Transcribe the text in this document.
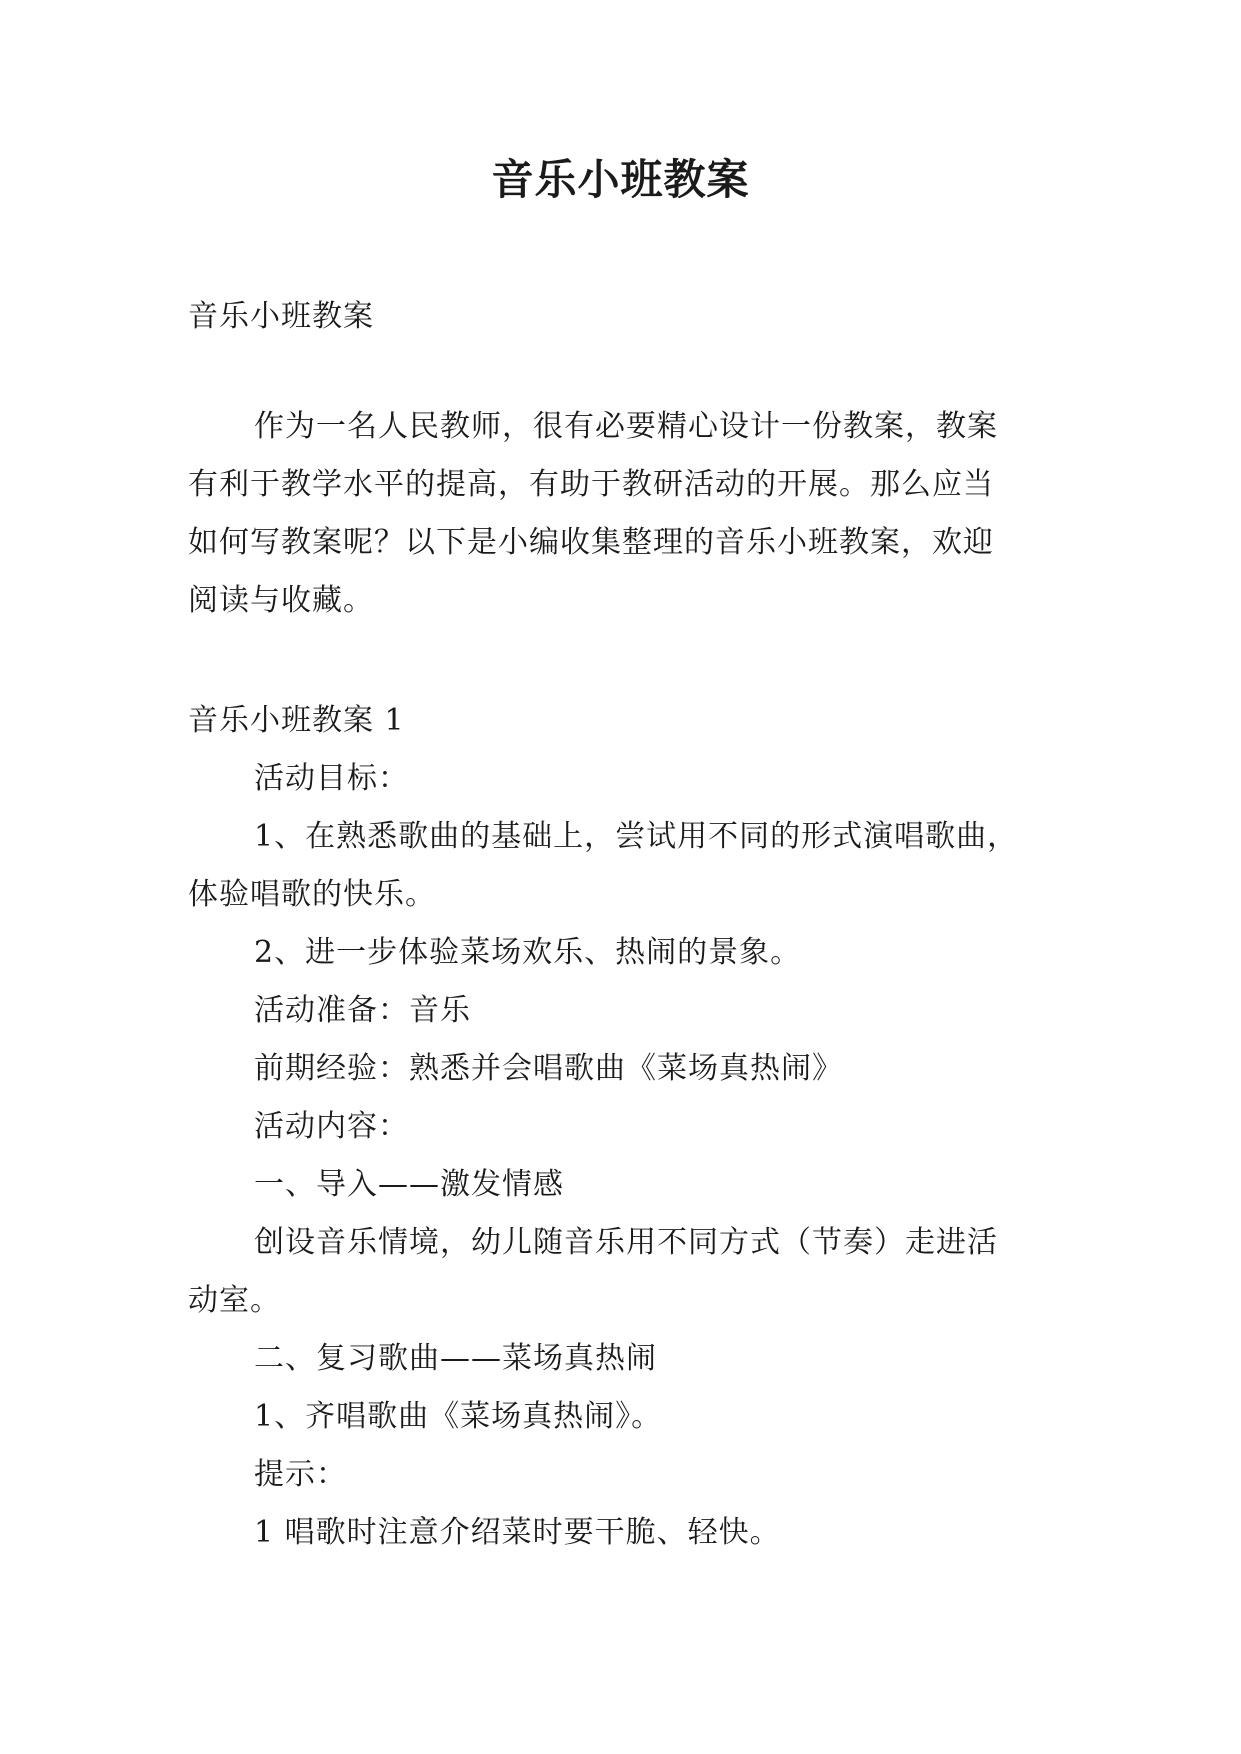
音乐小班教案

音乐小班教案

作为一名人民教师，很有必要精心设计一份教案，教案

有利于教学水平的提高，有助于教研活动的开展。那么应当

如何写教案呢？以下是小编收集整理的音乐小班教案，欢迎

阅读与收藏。

音乐小班教案 1

活动目标：

1、在熟悉歌曲的基础上，尝试用不同的形式演唱歌曲，

体验唱歌的快乐。

2、进一步体验菜场欢乐、热闹的景象。

活动准备：音乐

前期经验：熟悉并会唱歌曲《菜场真热闹》

活动内容：

一、导入——激发情感

创设音乐情境，幼儿随音乐用不同方式（节奏）走进活

动室。

二、复习歌曲——菜场真热闹

1、齐唱歌曲《菜场真热闹》。

提示：

1 唱歌时注意介绍菜时要干脆、轻快。
